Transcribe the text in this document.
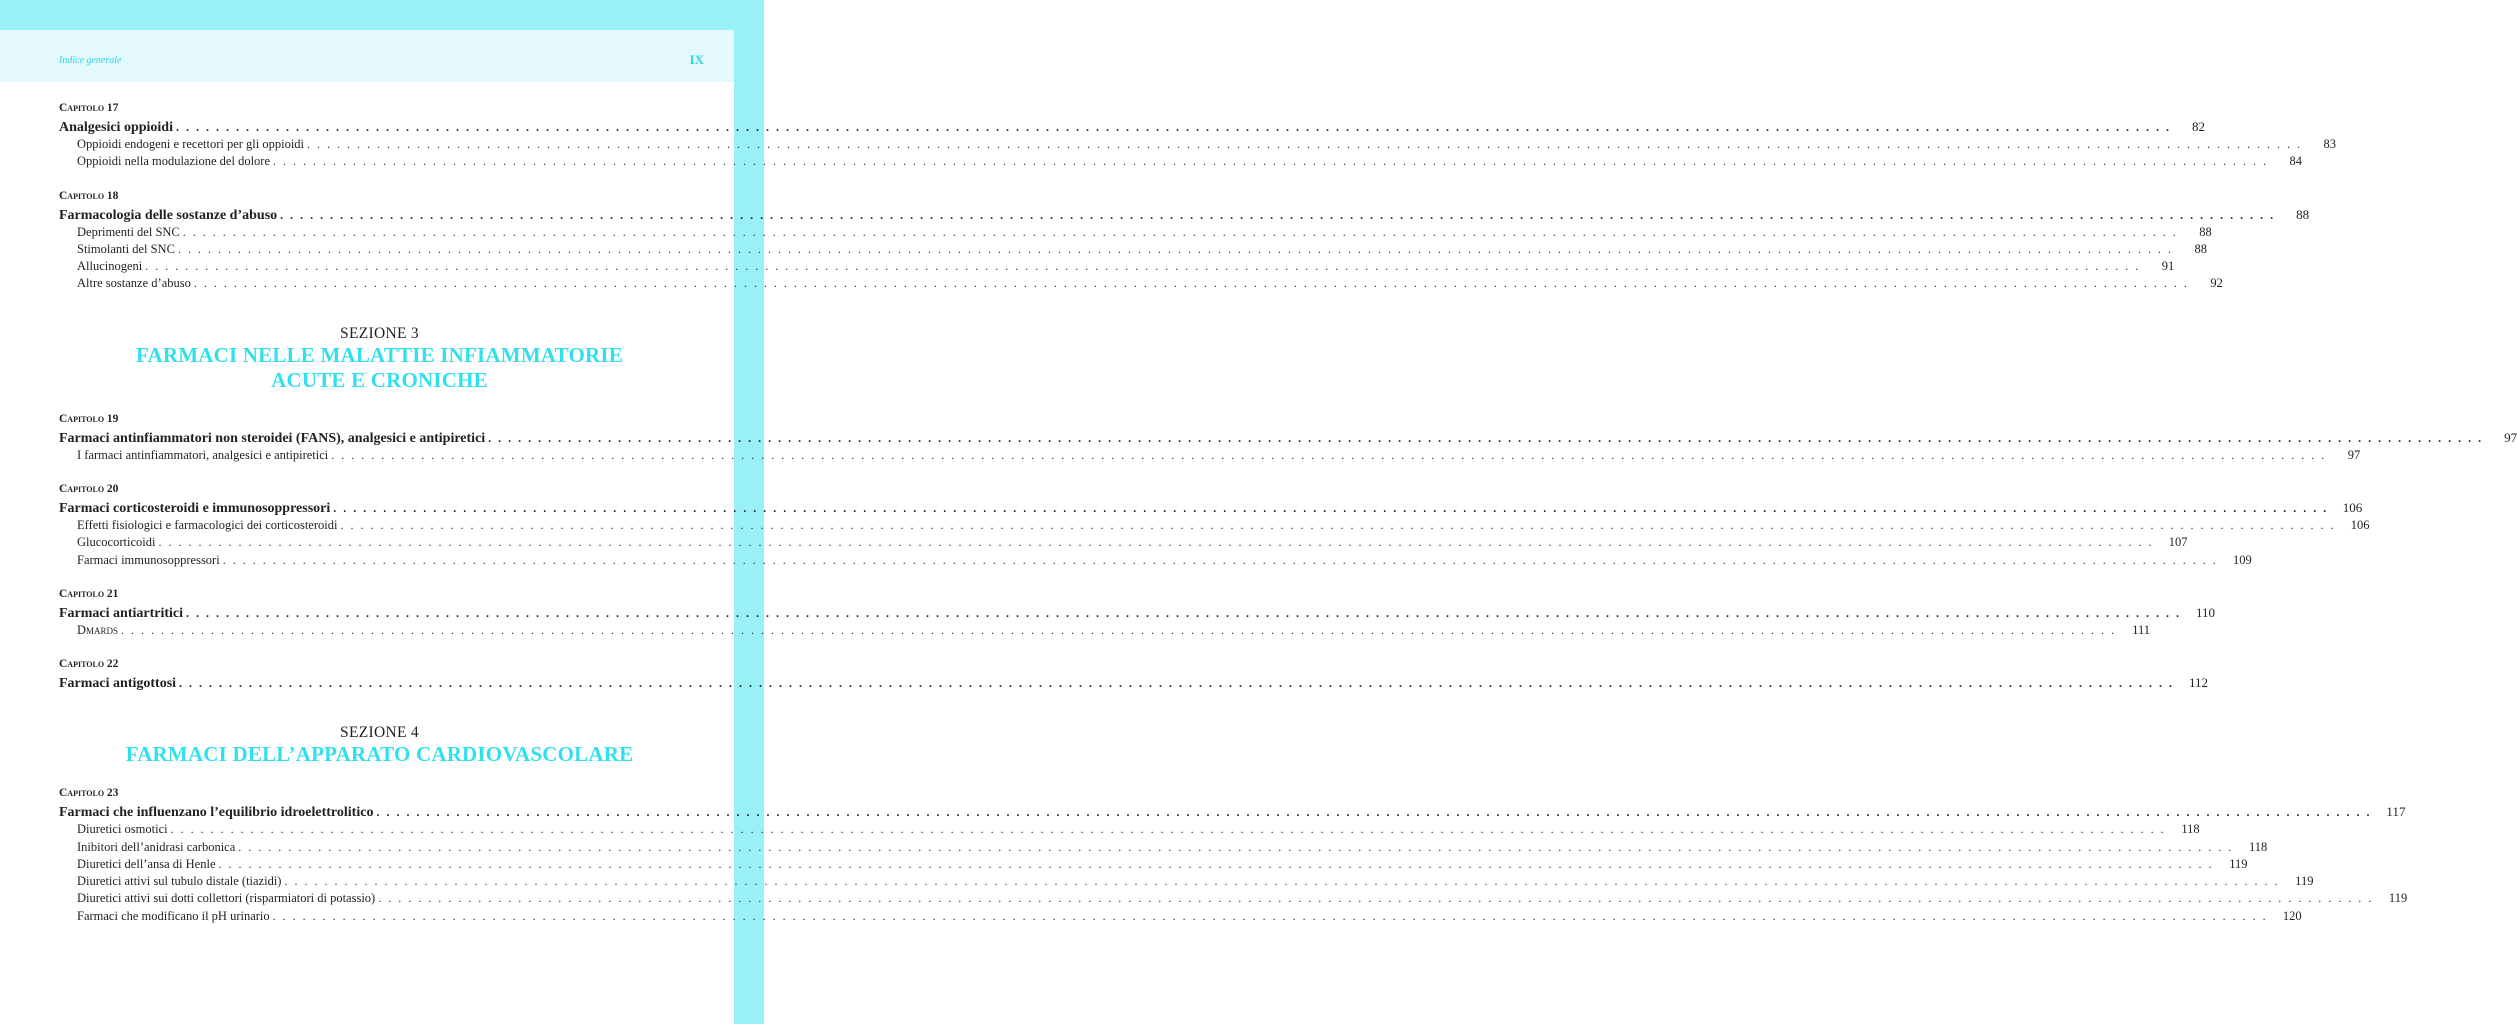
Indice generale	IX
Capitolo 17
Analgesici oppioidi . . . . . . . . . . . . . . . . . . . . . . . . . . . . . . . . . . . . . . . . . . . . . . . . . . . . . . . . . . . . . . . . . . . . . . . . . . . . . . . . . . . . . . . . . . . . . . . . . . . . . . . . . . . . . . . . . . . . . . . . . . . . . . . . . . . . . . . . . . . . . . . . . . . . . . . . . . . . . . . . . . . . . . . . . . . . . . . . . . . . . . . . . . . . . . . . . . . . . . . .	82
Oppioidi endogeni e recettori per gli oppioidi . . . . . . . . . . . . . . . . . . . . . . . . . . . . . . . . . . . . . . . . . . . . . . . . . . . . . . . . . . . . . . . . . . . . . . . . . . . . . . . . . . . . . . . . . . . . . . . . . . . . . . . . . . . . . . . . . . . . . . . . . . . . . . . . . . . . . . . . . . . . . . . . . . . . . . . . . . . . . . . . . . . . . . . . . . . . . . . . . . . . . . . . . . . . . . . . . . . . . . . .	83
Oppioidi nella modulazione del dolore . . . . . . . . . . . . . . . . . . . . . . . . . . . . . . . . . . . . . . . . . . . . . . . . . . . . . . . . . . . . . . . . . . . . . . . . . . . . . . . . . . . . . . . . . . . . . . . . . . . . . . . . . . . . . . . . . . . . . . . . . . . . . . . . . . . . . . . . . . . . . . . . . . . . . . . . . . . . . . . . . . . . . . . . . . . . . . . . . . . . . . . . . . . . . . . . . . . . . . . .	84
Capitolo 18
Farmacologia delle sostanze d’abuso . . . . . . . . . . . . . . . . . . . . . . . . . . . . . . . . . . . . . . . . . . . . . . . . . . . . . . . . . . . . . . . . . . . . . . . . . . . . . . . . . . . . . . . . . . . . . . . . . . . . . . . . . . . . . . . . . . . . . . . . . . . . . . . . . . . . . . . . . . . . . . . . . . . . . . . . . . . . . . . . . . . . . . . . . . . . . . . . . . . . . . . . . . . . . . . . . . . . . . . .	88
Deprimenti del SNC . . . . . . . . . . . . . . . . . . . . . . . . . . . . . . . . . . . . . . . . . . . . . . . . . . . . . . . . . . . . . . . . . . . . . . . . . . . . . . . . . . . . . . . . . . . . . . . . . . . . . . . . . . . . . . . . . . . . . . . . . . . . . . . . . . . . . . . . . . . . . . . . . . . . . . . . . . . . . . . . . . . . . . . . . . . . . . . . . . . . . . . . . . . . . . . . . . . . . . . .	88
Stimolanti del SNC . . . . . . . . . . . . . . . . . . . . . . . . . . . . . . . . . . . . . . . . . . . . . . . . . . . . . . . . . . . . . . . . . . . . . . . . . . . . . . . . . . . . . . . . . . . . . . . . . . . . . . . . . . . . . . . . . . . . . . . . . . . . . . . . . . . . . . . . . . . . . . . . . . . . . . . . . . . . . . . . . . . . . . . . . . . . . . . . . . . . . . . . . . . . . . . . . . . . . . . .	88
Allucinogeni . . . . . . . . . . . . . . . . . . . . . . . . . . . . . . . . . . . . . . . . . . . . . . . . . . . . . . . . . . . . . . . . . . . . . . . . . . . . . . . . . . . . . . . . . . . . . . . . . . . . . . . . . . . . . . . . . . . . . . . . . . . . . . . . . . . . . . . . . . . . . . . . . . . . . . . . . . . . . . . . . . . . . . . . . . . . . . . . . . . . . . . . . . . . . . . . . . . . . . . .	91
Altre sostanze d’abuso . . . . . . . . . . . . . . . . . . . . . . . . . . . . . . . . . . . . . . . . . . . . . . . . . . . . . . . . . . . . . . . . . . . . . . . . . . . . . . . . . . . . . . . . . . . . . . . . . . . . . . . . . . . . . . . . . . . . . . . . . . . . . . . . . . . . . . . . . . . . . . . . . . . . . . . . . . . . . . . . . . . . . . . . . . . . . . . . . . . . . . . . . . . . . . . . . . . . . . . .	92
SEZIONE 3
FARMACI NELLE MALATTIE INFIAMMATORIE
ACUTE E CRONICHE
Capitolo 19
Farmaci antinfiammatori non steroidei (FANS), analgesici e antipiretici . . . . . . . . . . . . . . . . . . . . . . . . . . . . . . . . . . . . . . . . . . . . . . . . . . . . . . . . . . . . . . . . . . . . . . . . . . . . . . . . . . . . . . . . . . . . . . . . . . . . . . . . . . . . . . . . . . . . . . . . . . . . . . . . . . . . . . . . . . . . . . . . . . . . . . . . . . . . . . . . . . . . . . . . . . . . . . . . . . . . . . . . . . . . . . . . . . . . . . . .	97
I farmaci antinfiammatori, analgesici e antipiretici . . . . . . . . . . . . . . . . . . . . . . . . . . . . . . . . . . . . . . . . . . . . . . . . . . . . . . . . . . . . . . . . . . . . . . . . . . . . . . . . . . . . . . . . . . . . . . . . . . . . . . . . . . . . . . . . . . . . . . . . . . . . . . . . . . . . . . . . . . . . . . . . . . . . . . . . . . . . . . . . . . . . . . . . . . . . . . . . . . . . . . . . . . . . . . . . . . . . . . . .	97
Capitolo 20
Farmaci corticosteroidi e immunosoppressori . . . . . . . . . . . . . . . . . . . . . . . . . . . . . . . . . . . . . . . . . . . . . . . . . . . . . . . . . . . . . . . . . . . . . . . . . . . . . . . . . . . . . . . . . . . . . . . . . . . . . . . . . . . . . . . . . . . . . . . . . . . . . . . . . . . . . . . . . . . . . . . . . . . . . . . . . . . . . . . . . . . . . . . . . . . . . . . . . . . . . . . . . . . . . . . . . . . . . . . .	106
Effetti fisiologici e farmacologici dei corticosteroidi . . . . . . . . . . . . . . . . . . . . . . . . . . . . . . . . . . . . . . . . . . . . . . . . . . . . . . . . . . . . . . . . . . . . . . . . . . . . . . . . . . . . . . . . . . . . . . . . . . . . . . . . . . . . . . . . . . . . . . . . . . . . . . . . . . . . . . . . . . . . . . . . . . . . . . . . . . . . . . . . . . . . . . . . . . . . . . . . . . . . . . . . . . . . . . . . . . . . . . . .	106
Glucocorticoidi . . . . . . . . . . . . . . . . . . . . . . . . . . . . . . . . . . . . . . . . . . . . . . . . . . . . . . . . . . . . . . . . . . . . . . . . . . . . . . . . . . . . . . . . . . . . . . . . . . . . . . . . . . . . . . . . . . . . . . . . . . . . . . . . . . . . . . . . . . . . . . . . . . . . . . . . . . . . . . . . . . . . . . . . . . . . . . . . . . . . . . . . . . . . . . . . . . . . . . . .	107
Farmaci immunosoppressori . . . . . . . . . . . . . . . . . . . . . . . . . . . . . . . . . . . . . . . . . . . . . . . . . . . . . . . . . . . . . . . . . . . . . . . . . . . . . . . . . . . . . . . . . . . . . . . . . . . . . . . . . . . . . . . . . . . . . . . . . . . . . . . . . . . . . . . . . . . . . . . . . . . . . . . . . . . . . . . . . . . . . . . . . . . . . . . . . . . . . . . . . . . . . . . . . . . . . . . .	109
Capitolo 21
Farmaci antiartritici . . . . . . . . . . . . . . . . . . . . . . . . . . . . . . . . . . . . . . . . . . . . . . . . . . . . . . . . . . . . . . . . . . . . . . . . . . . . . . . . . . . . . . . . . . . . . . . . . . . . . . . . . . . . . . . . . . . . . . . . . . . . . . . . . . . . . . . . . . . . . . . . . . . . . . . . . . . . . . . . . . . . . . . . . . . . . . . . . . . . . . . . . . . . . . . . . . . . . . . .	110
Dmards . . . . . . . . . . . . . . . . . . . . . . . . . . . . . . . . . . . . . . . . . . . . . . . . . . . . . . . . . . . . . . . . . . . . . . . . . . . . . . . . . . . . . . . . . . . . . . . . . . . . . . . . . . . . . . . . . . . . . . . . . . . . . . . . . . . . . . . . . . . . . . . . . . . . . . . . . . . . . . . . . . . . . . . . . . . . . . . . . . . . . . . . . . . . . . . . . . . . . . . .	111
Capitolo 22
Farmaci antigottosi . . . . . . . . . . . . . . . . . . . . . . . . . . . . . . . . . . . . . . . . . . . . . . . . . . . . . . . . . . . . . . . . . . . . . . . . . . . . . . . . . . . . . . . . . . . . . . . . . . . . . . . . . . . . . . . . . . . . . . . . . . . . . . . . . . . . . . . . . . . . . . . . . . . . . . . . . . . . . . . . . . . . . . . . . . . . . . . . . . . . . . . . . . . . . . . . . . . . . . . .	112
SEZIONE 4
FARMACI DELL’APPARATO CARDIOVASCOLARE
Capitolo 23
Farmaci che influenzano l’equilibrio idroelettrolitico . . . . . . . . . . . . . . . . . . . . . . . . . . . . . . . . . . . . . . . . . . . . . . . . . . . . . . . . . . . . . . . . . . . . . . . . . . . . . . . . . . . . . . . . . . . . . . . . . . . . . . . . . . . . . . . . . . . . . . . . . . . . . . . . . . . . . . . . . . . . . . . . . . . . . . . . . . . . . . . . . . . . . . . . . . . . . . . . . . . . . . . . . . . . . . . . . . . . . . . .	117
Diuretici osmotici . . . . . . . . . . . . . . . . . . . . . . . . . . . . . . . . . . . . . . . . . . . . . . . . . . . . . . . . . . . . . . . . . . . . . . . . . . . . . . . . . . . . . . . . . . . . . . . . . . . . . . . . . . . . . . . . . . . . . . . . . . . . . . . . . . . . . . . . . . . . . . . . . . . . . . . . . . . . . . . . . . . . . . . . . . . . . . . . . . . . . . . . . . . . . . . . . . . . . . . .	118
Inibitori dell’anidrasi carbonica . . . . . . . . . . . . . . . . . . . . . . . . . . . . . . . . . . . . . . . . . . . . . . . . . . . . . . . . . . . . . . . . . . . . . . . . . . . . . . . . . . . . . . . . . . . . . . . . . . . . . . . . . . . . . . . . . . . . . . . . . . . . . . . . . . . . . . . . . . . . . . . . . . . . . . . . . . . . . . . . . . . . . . . . . . . . . . . . . . . . . . . . . . . . . . . . . . . . . . . .	118
Diuretici dell’ansa di Henle . . . . . . . . . . . . . . . . . . . . . . . . . . . . . . . . . . . . . . . . . . . . . . . . . . . . . . . . . . . . . . . . . . . . . . . . . . . . . . . . . . . . . . . . . . . . . . . . . . . . . . . . . . . . . . . . . . . . . . . . . . . . . . . . . . . . . . . . . . . . . . . . . . . . . . . . . . . . . . . . . . . . . . . . . . . . . . . . . . . . . . . . . . . . . . . . . . . . . . . .	119
Diuretici attivi sul tubulo distale (tiazidi) . . . . . . . . . . . . . . . . . . . . . . . . . . . . . . . . . . . . . . . . . . . . . . . . . . . . . . . . . . . . . . . . . . . . . . . . . . . . . . . . . . . . . . . . . . . . . . . . . . . . . . . . . . . . . . . . . . . . . . . . . . . . . . . . . . . . . . . . . . . . . . . . . . . . . . . . . . . . . . . . . . . . . . . . . . . . . . . . . . . . . . . . . . . . . . . . . . . . . . . .	119
Diuretici attivi sui dotti collettori (risparmiatori di potassio) . . . . . . . . . . . . . . . . . . . . . . . . . . . . . . . . . . . . . . . . . . . . . . . . . . . . . . . . . . . . . . . . . . . . . . . . . . . . . . . . . . . . . . . . . . . . . . . . . . . . . . . . . . . . . . . . . . . . . . . . . . . . . . . . . . . . . . . . . . . . . . . . . . . . . . . . . . . . . . . . . . . . . . . . . . . . . . . . . . . . . . . . . . . . . . . . . . . . . . . .	119
Farmaci che modificano il pH urinario . . . . . . . . . . . . . . . . . . . . . . . . . . . . . . . . . . . . . . . . . . . . . . . . . . . . . . . . . . . . . . . . . . . . . . . . . . . . . . . . . . . . . . . . . . . . . . . . . . . . . . . . . . . . . . . . . . . . . . . . . . . . . . . . . . . . . . . . . . . . . . . . . . . . . . . . . . . . . . . . . . . . . . . . . . . . . . . . . . . . . . . . . . . . . . . . . . . . . . . .	120
